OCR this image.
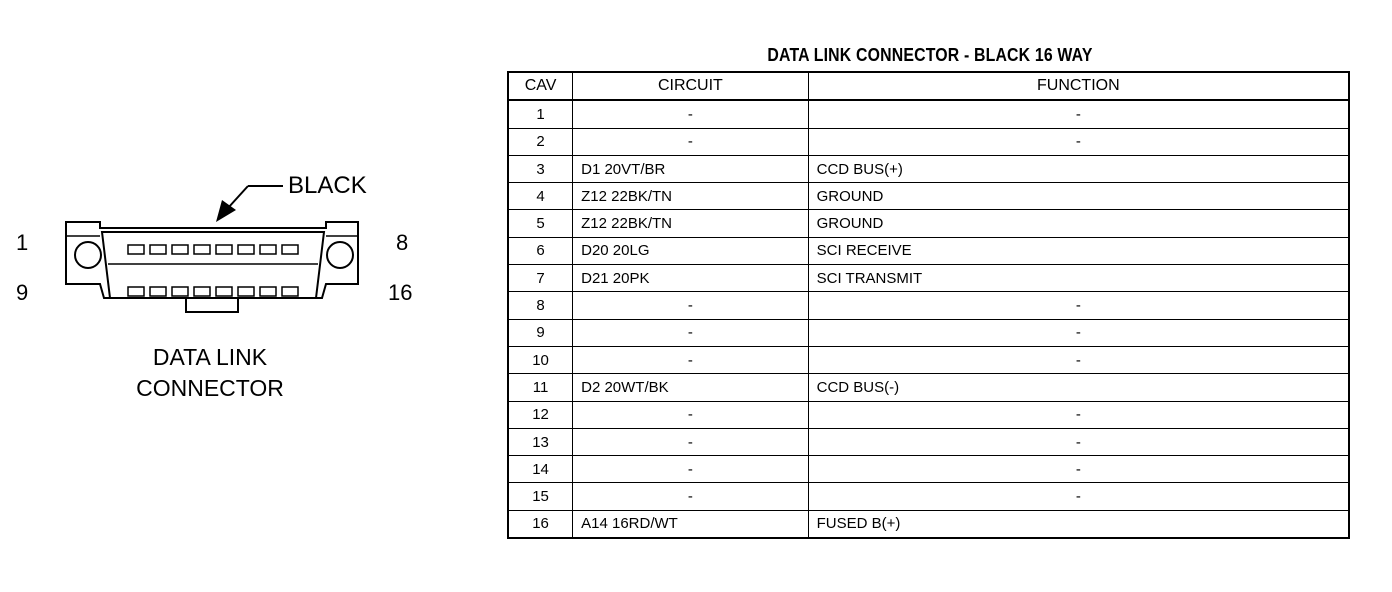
BLACK
1	8
9	16
DATA LINK
CONNECTOR
DATA LINK CONNECTOR - BLACK 16 WAY
CAV	CIRCUIT	FUNCTION
1	-	-
2	-	-
3	D1 20VT/BR	CCD BUS(+)
4	Z12 22BK/TN	GROUND
5	Z12 22BK/TN	GROUND
6	D20 20LG	SCI RECEIVE
7	D21 20PK	SCI TRANSMIT
8	-	-
9	-	-
10	-	-
11	D2 20WT/BK	CCD BUS(-)
12	-	-
13	-	-
14	-	-
15	-	-
16	A14 16RD/WT	FUSED B(+)
